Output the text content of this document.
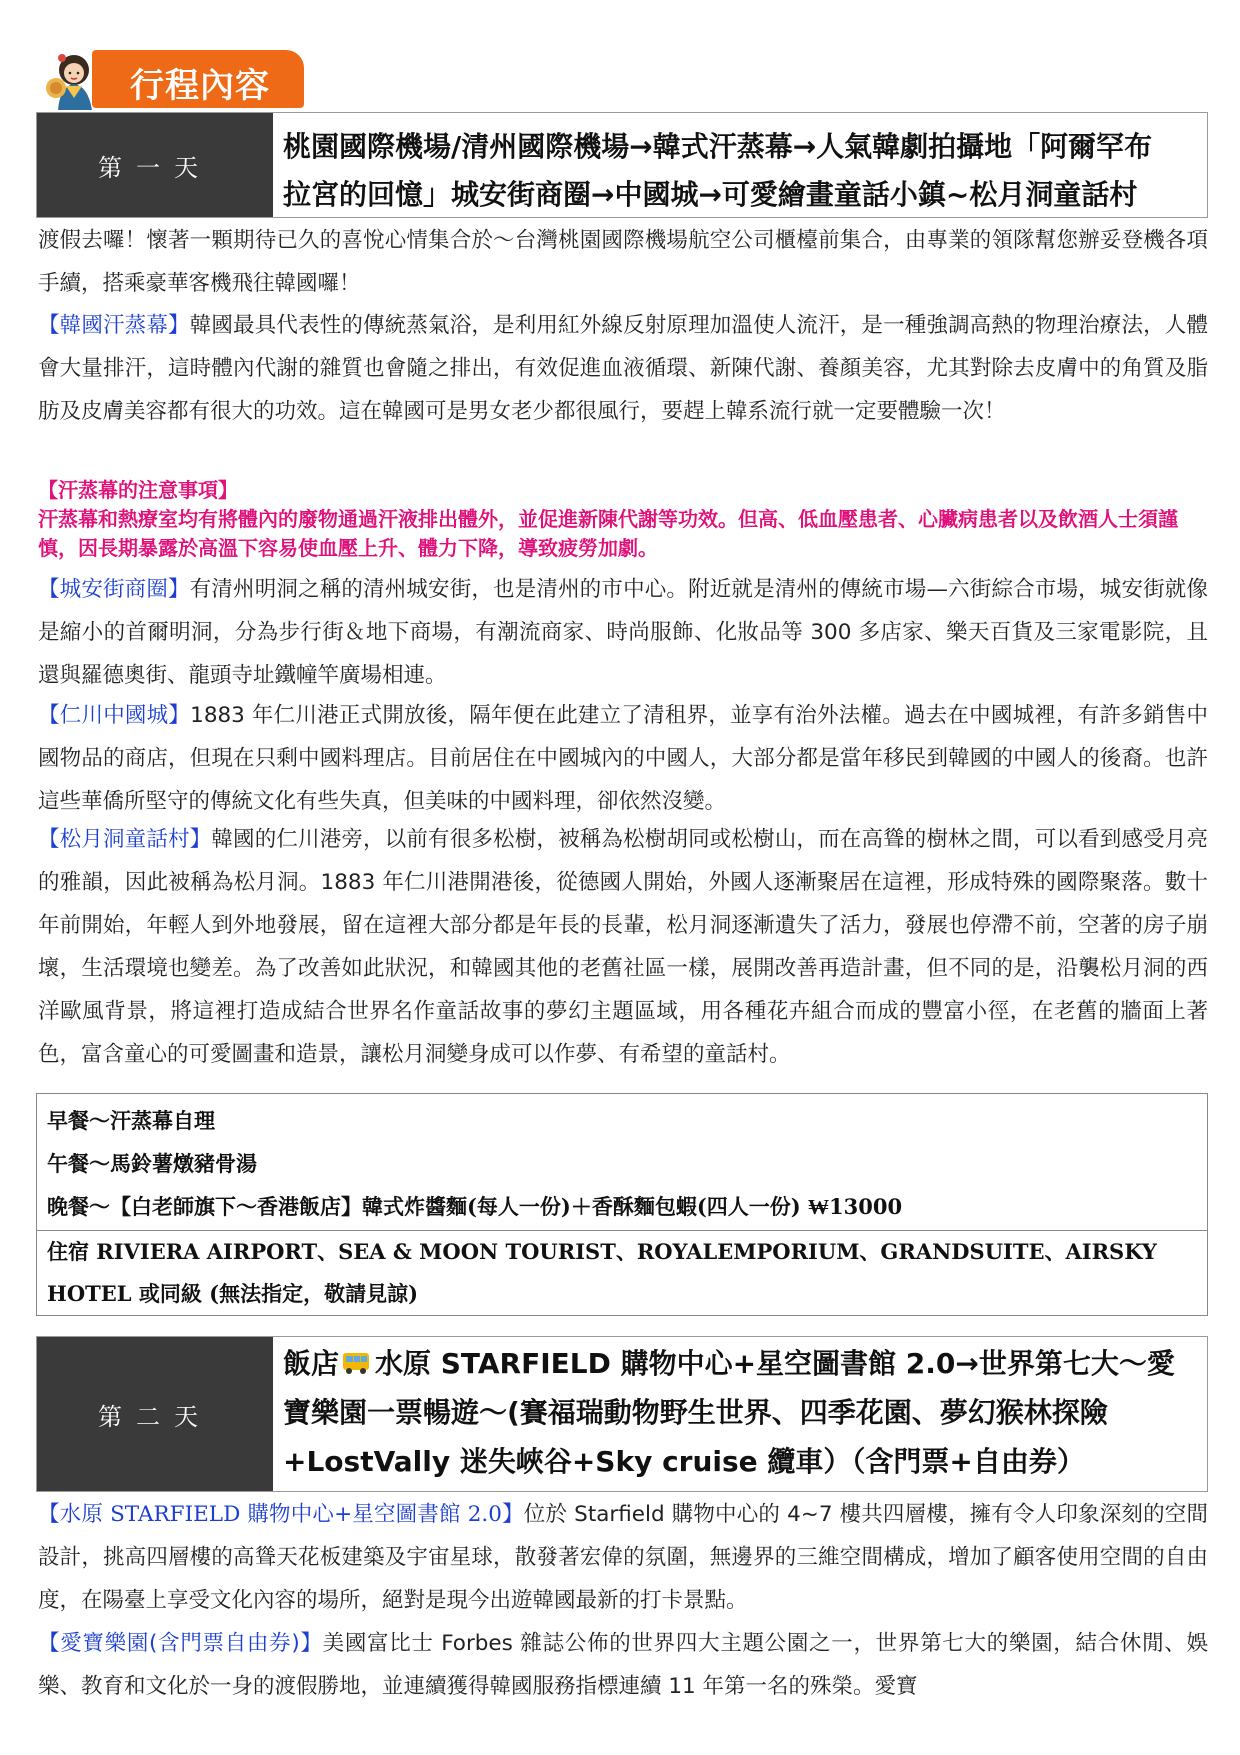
行程內容
第一天
桃園國際機場/清州國際機場→韓式汗蒸幕→人氣韓劇拍攝地「阿爾罕布
拉宮的回憶」城安街商圈→中國城→可愛繪畫童話小鎮~松月洞童話村
渡假去囉！懷著一顆期待已久的喜悅心情集合於～台灣桃園國際機場航空公司櫃檯前集合，由專業的領隊幫您辦妥登機各項手續，搭乘豪華客機飛往韓國囉！
【韓國汗蒸幕】韓國最具代表性的傳統蒸氣浴，是利用紅外線反射原理加溫使人流汗，是一種強調高熱的物理治療法，人體會大量排汗，這時體內代謝的雜質也會隨之排出，有效促進血液循環、新陳代謝、養顏美容，尤其對除去皮膚中的角質及脂肪及皮膚美容都有很大的功效。這在韓國可是男女老少都很風行，要趕上韓系流行就一定要體驗一次！
【汗蒸幕的注意事項】
汗蒸幕和熱療室均有將體內的廢物通過汗液排出體外，並促進新陳代謝等功效。但高、低血壓患者、心臟病患者以及飲酒人士須謹慎，因長期暴露於高溫下容易使血壓上升、體力下降，導致疲勞加劇。
【城安街商圈】有清州明洞之稱的清州城安街，也是清州的市中心。附近就是清州的傳統市場—六街綜合市場，城安街就像是縮小的首爾明洞，分為步行街＆地下商場，有潮流商家、時尚服飾、化妝品等 300 多店家、樂天百貨及三家電影院，且還與羅德奧街、龍頭寺址鐵幢竿廣場相連。
【仁川中國城】1883 年仁川港正式開放後，隔年便在此建立了清租界，並享有治外法權。過去在中國城裡，有許多銷售中國物品的商店，但現在只剩中國料理店。目前居住在中國城內的中國人，大部分都是當年移民到韓國的中國人的後裔。也許這些華僑所堅守的傳統文化有些失真，但美味的中國料理，卻依然沒變。
【松月洞童話村】韓國的仁川港旁，以前有很多松樹，被稱為松樹胡同或松樹山，而在高聳的樹林之間，可以看到感受月亮的雅韻，因此被稱為松月洞。1883 年仁川港開港後，從德國人開始，外國人逐漸聚居在這裡，形成特殊的國際聚落。數十年前開始，年輕人到外地發展，留在這裡大部分都是年長的長輩，松月洞逐漸遺失了活力，發展也停滯不前，空著的房子崩壞，生活環境也變差。為了改善如此狀況，和韓國其他的老舊社區一樣，展開改善再造計畫，但不同的是，沿襲松月洞的西洋歐風背景，將這裡打造成結合世界名作童話故事的夢幻主題區域，用各種花卉組合而成的豐富小徑，在老舊的牆面上著色，富含童心的可愛圖畫和造景，讓松月洞變身成可以作夢、有希望的童話村。
早餐～汗蒸幕自理
午餐～馬鈴薯燉豬骨湯
晚餐～【白老師旗下～香港飯店】韓式炸醬麵(每人一份)＋香酥麵包蝦(四人一份) ₩13000
住宿 RIVIERA AIRPORT、SEA & MOON TOURIST、ROYALEMPORIUM、GRANDSUITE、AIRSKY HOTEL 或同級 (無法指定，敬請見諒)
第二天
飯店 水原 STARFIELD 購物中心+星空圖書館 2.0→世界第七大～愛寶樂園一票暢遊～(賽福瑞動物野生世界、四季花園、夢幻猴林探險+LostVally 迷失峽谷+Sky cruise 纜車）（含門票+自由券）
【水原 STARFIELD 購物中心+星空圖書館 2.0】位於 Starfield 購物中心的 4~7 樓共四層樓，擁有令人印象深刻的空間設計，挑高四層樓的高聳天花板建築及宇宙星球，散發著宏偉的氛圍，無邊界的三維空間構成，增加了顧客使用空間的自由度，在陽臺上享受文化內容的場所，絕對是現今出遊韓國最新的打卡景點。
【愛寶樂園(含門票自由券)】美國富比士 Forbes 雜誌公佈的世界四大主題公園之一，世界第七大的樂園，結合休閒、娛樂、教育和文化於一身的渡假勝地，並連續獲得韓國服務指標連續 11 年第一名的殊榮。愛寶
